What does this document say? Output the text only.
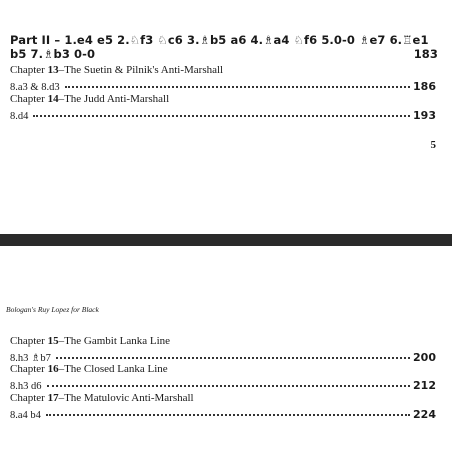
Part II – 1.e4 e5 2.♘f3 ♘c6 3.♗b5 a6 4.♗a4 ♘f6 5.0-0 ♗e7 6.♖e1
b5 7.♗b3 0-0	183
Chapter 13–The Suetin & Pilnik's Anti-Marshall
8.a3 & 8.d3	186
Chapter 14–The Judd Anti-Marshall
8.d4	193
5
Bologan's Ruy Lopez for Black
Chapter 15–The Gambit Lanka Line
8.h3 ♗b7	200
Chapter 16–The Closed Lanka Line
8.h3 d6	212
Chapter 17–The Matulovic Anti-Marshall
8.a4 b4	224
